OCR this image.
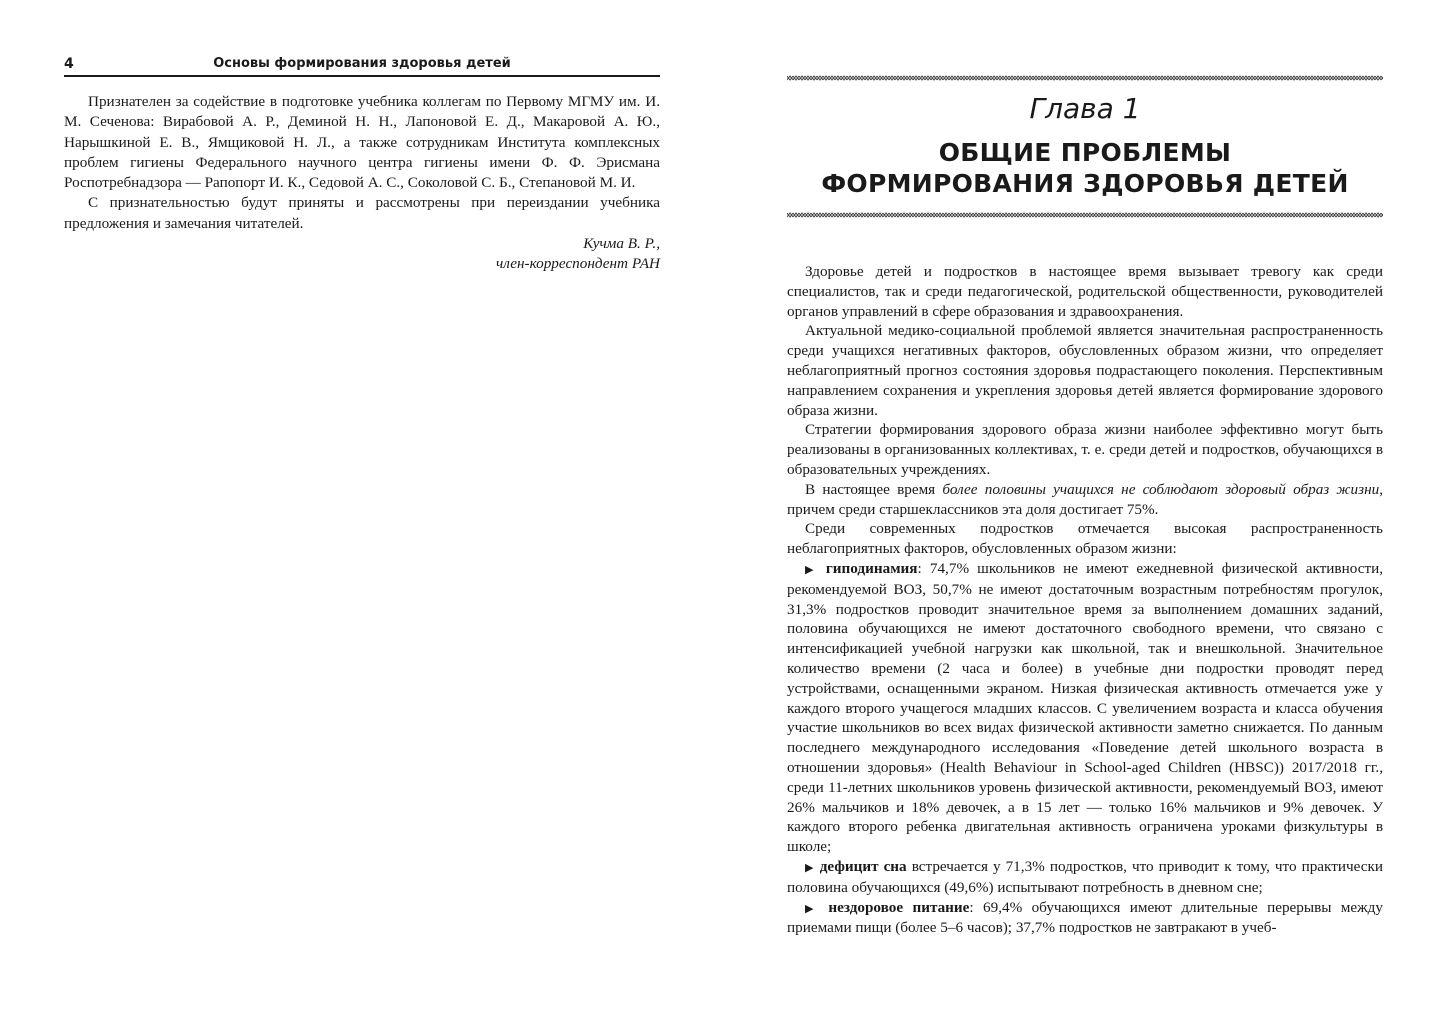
4	Основы формирования здоровья детей

Признателен за содействие в подготовке учебника коллегам по Первому МГМУ им. И. М. Сеченова: Вирабовой А. Р., Деминой Н. Н., Лапоновой Е. Д., Макаровой А. Ю., Нарышкиной Е. В., Ямщиковой Н. Л., а также сотрудникам Института комплексных проблем гигиены Федерального научного центра гигиены имени Ф. Ф. Эрисмана Роспотребнадзора — Рапопорт И. К., Седовой А. С., Соколовой С. Б., Степановой М. И.

С признательностью будут приняты и рассмотрены при переиздании учебника предложения и замечания читателей.

Кучма В. Р.,

член-корреспондент РАН

Глава 1
ОБЩИЕ ПРОБЛЕМЫ
ФОРМИРОВАНИЯ ЗДОРОВЬЯ ДЕТЕЙ

Здоровье детей и подростков в настоящее время вызывает тревогу как среди специалистов, так и среди педагогической, родительской общественности, руководителей органов управлений в сфере образования и здравоохранения.

Актуальной медико-социальной проблемой является значительная распространенность среди учащихся негативных факторов, обусловленных образом жизни, что определяет неблагоприятный прогноз состояния здоровья подрастающего поколения. Перспективным направлением сохранения и укрепления здоровья детей является формирование здорового образа жизни.

Стратегии формирования здорового образа жизни наиболее эффективно могут быть реализованы в организованных коллективах, т. е. среди детей и подростков, обучающихся в образовательных учреждениях.

В настоящее время более половины учащихся не соблюдают здоровый образ жизни, причем среди старшеклассников эта доля достигает 75%.

Среди современных подростков отмечается высокая распространенность неблагоприятных факторов, обусловленных образом жизни:

▶ гиподинамия: 74,7% школьников не имеют ежедневной физической активности, рекомендуемой ВОЗ, 50,7% не имеют достаточным возрастным потребностям прогулок, 31,3% подростков проводит значительное время за выполнением домашних заданий, половина обучающихся не имеют достаточного свободного времени, что связано с интенсификацией учебной нагрузки как школьной, так и внешкольной. Значительное количество времени (2 часа и более) в учебные дни подростки проводят перед устройствами, оснащенными экраном. Низкая физическая активность отмечается уже у каждого второго учащегося младших классов. С увеличением возраста и класса обучения участие школьников во всех видах физической активности заметно снижается. По данным последнего международного исследования «Поведение детей школьного возраста в отношении здоровья» (Health Behaviour in School-aged Children (HBSC)) 2017/2018 гг., среди 11-летних школьников уровень физической активности, рекомендуемый ВОЗ, имеют 26% мальчиков и 18% девочек, а в 15 лет — только 16% мальчиков и 9% девочек. У каждого второго ребенка двигательная активность ограничена уроками физкультуры в школе;

▶ дефицит сна встречается у 71,3% подростков, что приводит к тому, что практически половина обучающихся (49,6%) испытывают потребность в дневном сне;

▶ нездоровое питание: 69,4% обучающихся имеют длительные перерывы между приемами пищи (более 5–6 часов); 37,7% подростков не завтракают в учеб-
